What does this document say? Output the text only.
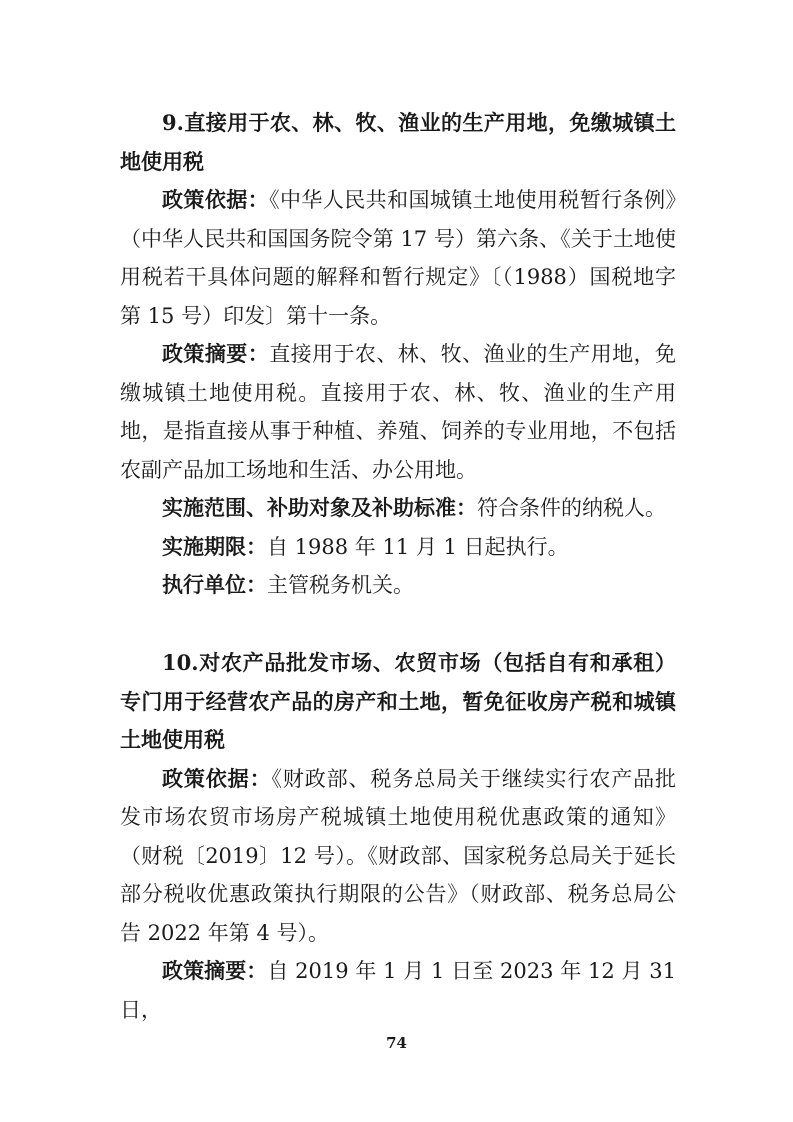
9.直接用于农、林、牧、渔业的生产用地，免缴城镇土地使用税

政策依据：《中华人民共和国城镇土地使用税暂行条例》（中华人民共和国国务院令第 17 号）第六条、《关于土地使用税若干具体问题的解释和暂行规定》〔（1988）国税地字第 15 号）印发〕第十一条。

政策摘要：直接用于农、林、牧、渔业的生产用地，免缴城镇土地使用税。直接用于农、林、牧、渔业的生产用地，是指直接从事于种植、养殖、饲养的专业用地，不包括农副产品加工场地和生活、办公用地。

实施范围、补助对象及补助标准：符合条件的纳税人。

实施期限：自 1988 年 11 月 1 日起执行。

执行单位：主管税务机关。

10.对农产品批发市场、农贸市场（包括自有和承租）专门用于经营农产品的房产和土地，暂免征收房产税和城镇土地使用税

政策依据：《财政部、税务总局关于继续实行农产品批发市场农贸市场房产税城镇土地使用税优惠政策的通知》（财税〔2019〕12 号）。《财政部、国家税务总局关于延长部分税收优惠政策执行期限的公告》（财政部、税务总局公告 2022 年第 4 号）。

政策摘要：自 2019 年 1 月 1 日至 2023 年 12 月 31 日，

74
